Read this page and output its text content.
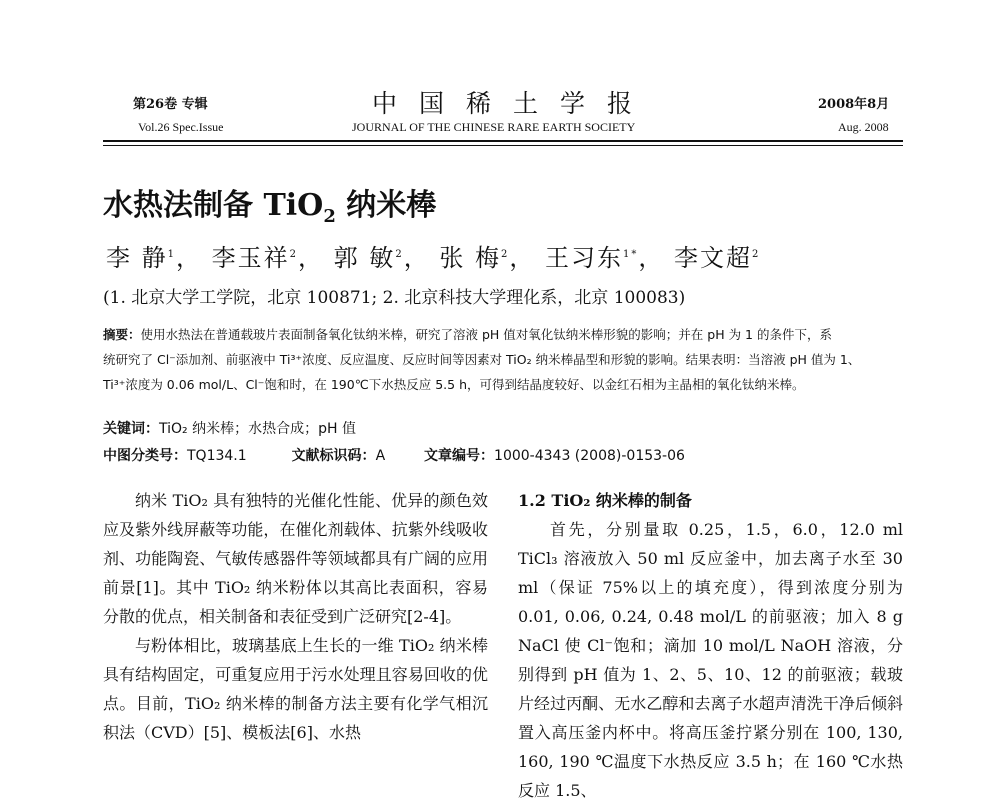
第26卷 专辑	中国稀土学报	2008年8月
Vol.26 Spec.Issue	JOURNAL OF THE CHINESE RARE EARTH SOCIETY	Aug. 2008
水热法制备 TiO$_2$ 纳米棒
李 静$^1$， 李玉祥$^2$， 郭 敏$^2$， 张 梅$^2$， 王习东$^{1*}$， 李文超$^2$
(1. 北京大学工学院，北京 100871; 2. 北京科技大学理化系，北京 100083)
摘要：使用水热法在普通载玻片表面制备氧化钛纳米棒，研究了溶液 pH 值对氧化钛纳米棒形貌的影响；并在 pH 为 1 的条件下，系
统研究了 Cl⁻添加剂、前驱液中 Ti³⁺浓度、反应温度、反应时间等因素对 TiO₂ 纳米棒晶型和形貌的影响。结果表明：当溶液 pH 值为 1、
Ti³⁺浓度为 0.06 mol/L、Cl⁻饱和时，在 190℃下水热反应 5.5 h，可得到结晶度较好、以金红石相为主晶相的氧化钛纳米棒。
关键词：TiO₂ 纳米棒；水热合成；pH 值
中图分类号：TQ134.1	文献标识码：A	文章编号：1000-4343 (2008)-0153-06

纳米 TiO₂ 具有独特的光催化性能、优异的颜色效应及紫外线屏蔽等功能，在催化剂载体、抗紫外线吸收剂、功能陶瓷、气敏传感器件等领域都具有广阔的应用前景[1]。其中 TiO₂ 纳米粉体以其高比表面积，容易分散的优点，相关制备和表征受到广泛研究[2-4]。

与粉体相比，玻璃基底上生长的一维 TiO₂ 纳米棒具有结构固定，可重复应用于污水处理且容易回收的优点。目前，TiO₂ 纳米棒的制备方法主要有化学气相沉积法（CVD）[5]、模板法[6]、水热

1.2 TiO₂ 纳米棒的制备

首先，分别量取 0.25，1.5，6.0，12.0 ml TiCl₃ 溶液放入 50 ml 反应釜中，加去离子水至 30 ml（保证 75%以上的填充度），得到浓度分别为 0.01, 0.06, 0.24, 0.48 mol/L 的前驱液；加入 8 g NaCl 使 Cl⁻饱和；滴加 10 mol/L NaOH 溶液，分别得到 pH 值为 1、2、5、10、12 的前驱液；载玻片经过丙酮、无水乙醇和去离子水超声清洗干净后倾斜置入高压釜内杯中。将高压釜拧紧分别在 100, 130, 160, 190 ℃温度下水热反应 3.5 h；在 160 ℃水热反应 1.5、
